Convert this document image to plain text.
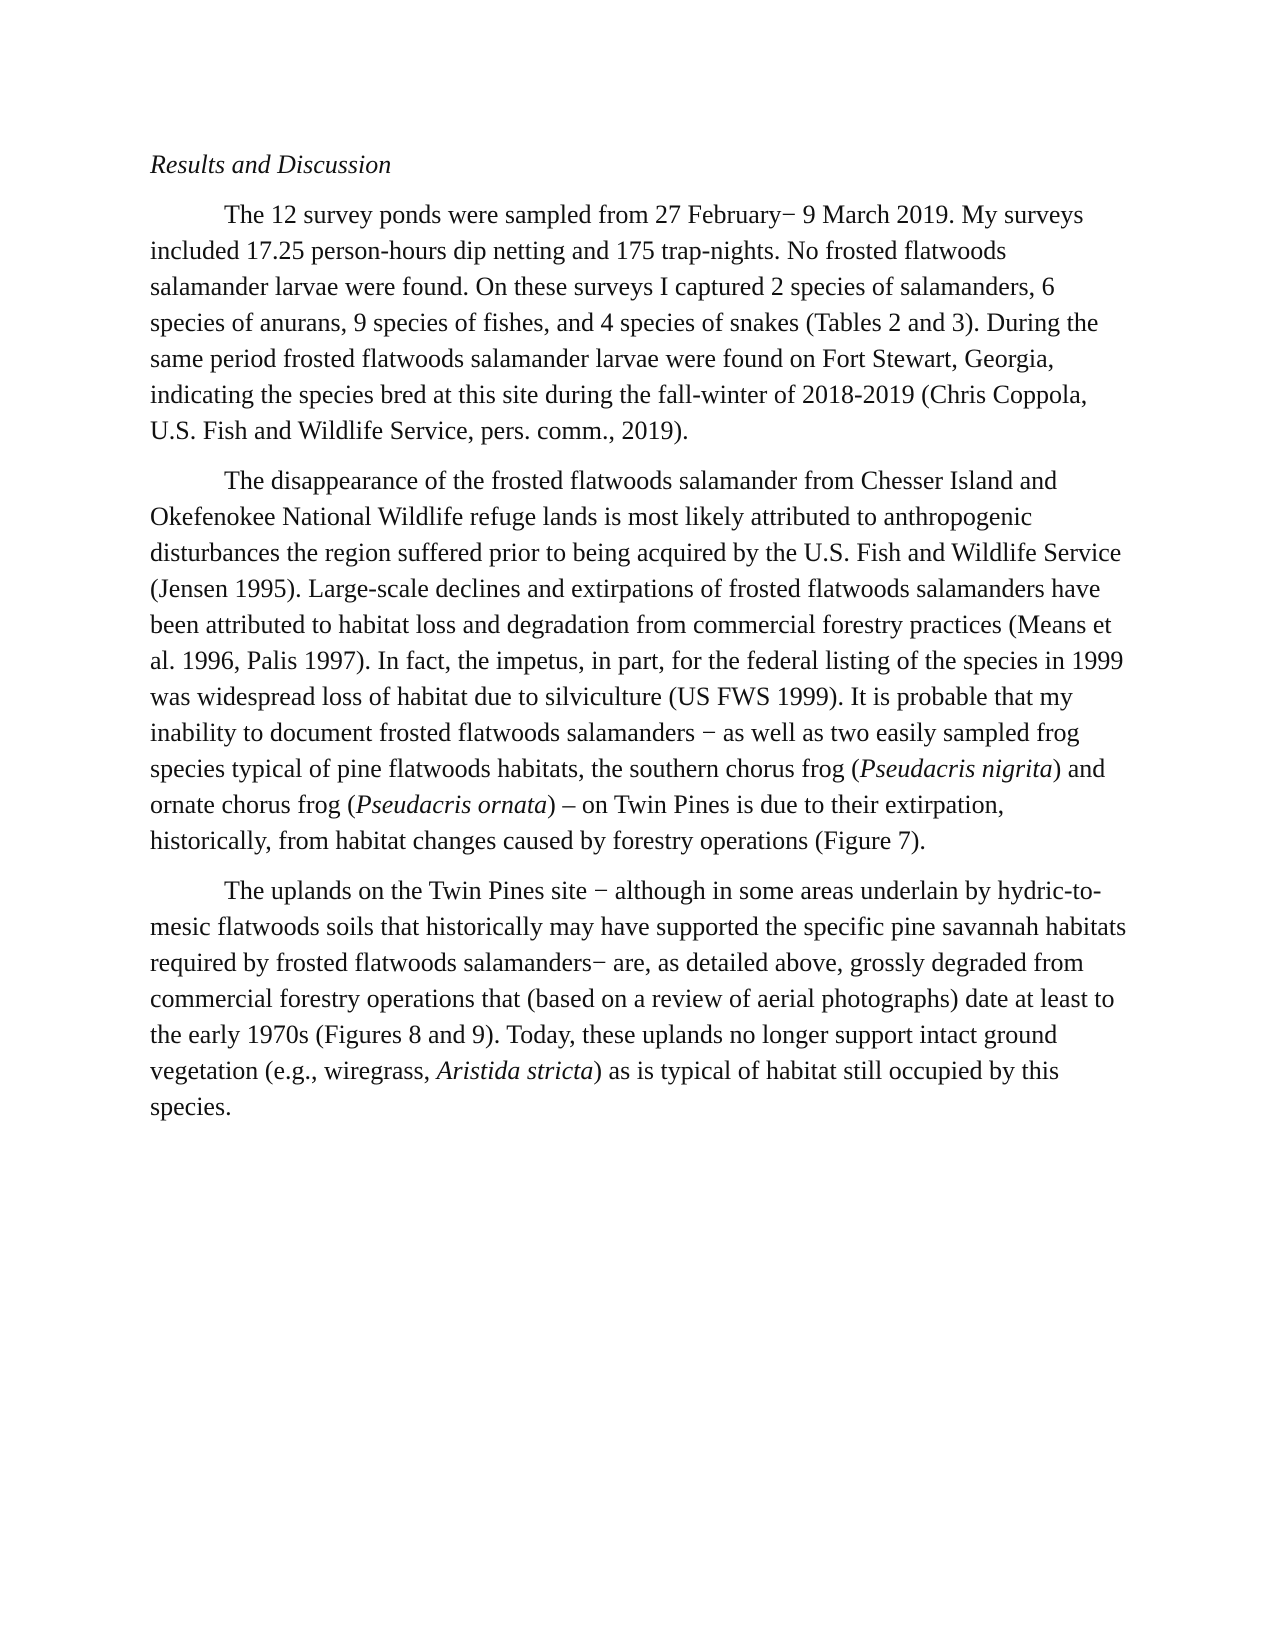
Results and Discussion

The 12 survey ponds were sampled from 27 February− 9 March 2019. My surveys included 17.25 person-hours dip netting and 175 trap-nights. No frosted flatwoods salamander larvae were found. On these surveys I captured 2 species of salamanders, 6 species of anurans, 9 species of fishes, and 4 species of snakes (Tables 2 and 3). During the same period frosted flatwoods salamander larvae were found on Fort Stewart, Georgia, indicating the species bred at this site during the fall-winter of 2018-2019 (Chris Coppola, U.S. Fish and Wildlife Service, pers. comm., 2019).

The disappearance of the frosted flatwoods salamander from Chesser Island and Okefenokee National Wildlife refuge lands is most likely attributed to anthropogenic disturbances the region suffered prior to being acquired by the U.S. Fish and Wildlife Service (Jensen 1995). Large-scale declines and extirpations of frosted flatwoods salamanders have been attributed to habitat loss and degradation from commercial forestry practices (Means et al. 1996, Palis 1997). In fact, the impetus, in part, for the federal listing of the species in 1999 was widespread loss of habitat due to silviculture (US FWS 1999). It is probable that my inability to document frosted flatwoods salamanders − as well as two easily sampled frog species typical of pine flatwoods habitats, the southern chorus frog (Pseudacris nigrita) and ornate chorus frog (Pseudacris ornata) – on Twin Pines is due to their extirpation, historically, from habitat changes caused by forestry operations (Figure 7).

The uplands on the Twin Pines site − although in some areas underlain by hydric-to-mesic flatwoods soils that historically may have supported the specific pine savannah habitats required by frosted flatwoods salamanders− are, as detailed above, grossly degraded from commercial forestry operations that (based on a review of aerial photographs) date at least to the early 1970s (Figures 8 and 9). Today, these uplands no longer support intact ground vegetation (e.g., wiregrass, Aristida stricta) as is typical of habitat still occupied by this species.
